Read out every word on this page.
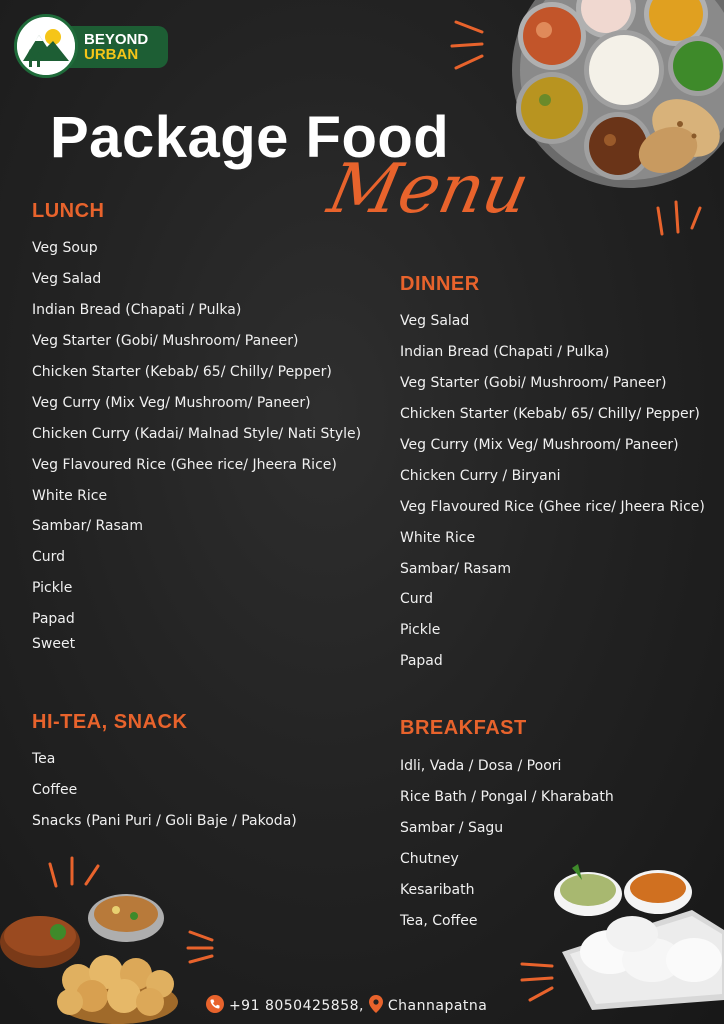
BEYOND
URBAN
Package Food
Menu
LUNCH
Veg Soup
Veg Salad
Indian Bread (Chapati / Pulka)
Veg Starter (Gobi/ Mushroom/ Paneer)
Chicken Starter (Kebab/ 65/ Chilly/ Pepper)
Veg Curry (Mix Veg/ Mushroom/ Paneer)
Chicken Curry (Kadai/ Malnad Style/ Nati Style)
Veg Flavoured Rice (Ghee rice/ Jheera Rice)
White Rice
Sambar/ Rasam
Curd
Pickle
Papad
Sweet
DINNER
Veg Salad
Indian Bread (Chapati / Pulka)
Veg Starter (Gobi/ Mushroom/ Paneer)
Chicken Starter (Kebab/ 65/ Chilly/ Pepper)
Veg Curry (Mix Veg/ Mushroom/ Paneer)
Chicken Curry / Biryani
Veg Flavoured Rice (Ghee rice/ Jheera Rice)
White Rice
Sambar/ Rasam
Curd
Pickle
Papad
HI-TEA, SNACK
Tea
Coffee
Snacks (Pani Puri / Goli Baje / Pakoda)
BREAKFAST
Idli, Vada / Dosa / Poori
Rice Bath / Pongal / Kharabath
Sambar / Sagu
Chutney
Kesaribath
Tea, Coffee
+91 8050425858, Channapatna
